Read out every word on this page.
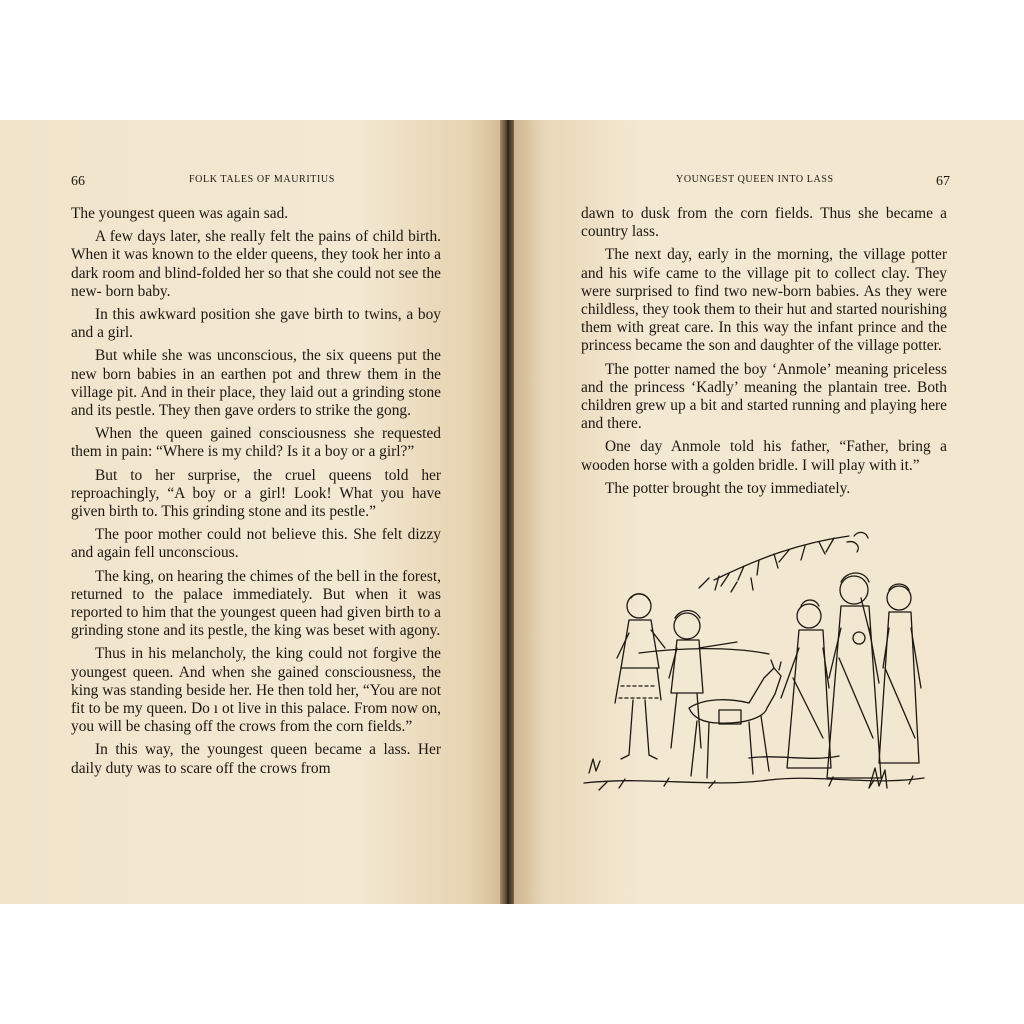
66	FOLK TALES OF MAURITIUS

The youngest queen was again sad.

A few days later, she really felt the pains of child birth. When it was known to the elder queens, they took her into a dark room and blind-folded her so that she could not see the new- born baby.

In this awkward position she gave birth to twins, a boy and a girl.

But while she was unconscious, the six queens put the new born babies in an earthen pot and threw them in the village pit. And in their place, they laid out a grinding stone and its pestle. They then gave orders to strike the gong.

When the queen gained consciousness she requested them in pain: “Where is my child? Is it a boy or a girl?”

But to her surprise, the cruel queens told her reproachingly, “A boy or a girl! Look! What you have given birth to. This grinding stone and its pestle.”

The poor mother could not believe this. She felt dizzy and again fell unconscious.

The king, on hearing the chimes of the bell in the forest, returned to the palace immediately. But when it was reported to him that the youngest queen had given birth to a grinding stone and its pestle, the king was beset with agony.

Thus in his melancholy, the king could not forgive the youngest queen. And when she gained consciousness, the king was standing beside her. He then told her, “You are not fit to be my queen. Do ı ot live in this palace. From now on, you will be chasing off the crows from the corn fields.”

In this way, the youngest queen became a lass. Her daily duty was to scare off the crows from

YOUNGEST QUEEN INTO LASS	67

dawn to dusk from the corn fields. Thus she became a country lass.

The next day, early in the morning, the village potter and his wife came to the village pit to collect clay. They were surprised to find two new-born babies. As they were childless, they took them to their hut and started nourishing them with great care. In this way the infant prince and the princess became the son and daughter of the village potter.

The potter named the boy ‘Anmole’ meaning priceless and the princess ‘Kadly’ meaning the plantain tree. Both children grew up a bit and started running and playing here and there.

One day Anmole told his father, “Father, bring a wooden horse with a golden bridle. I will play with it.”

The potter brought the toy immediately.
